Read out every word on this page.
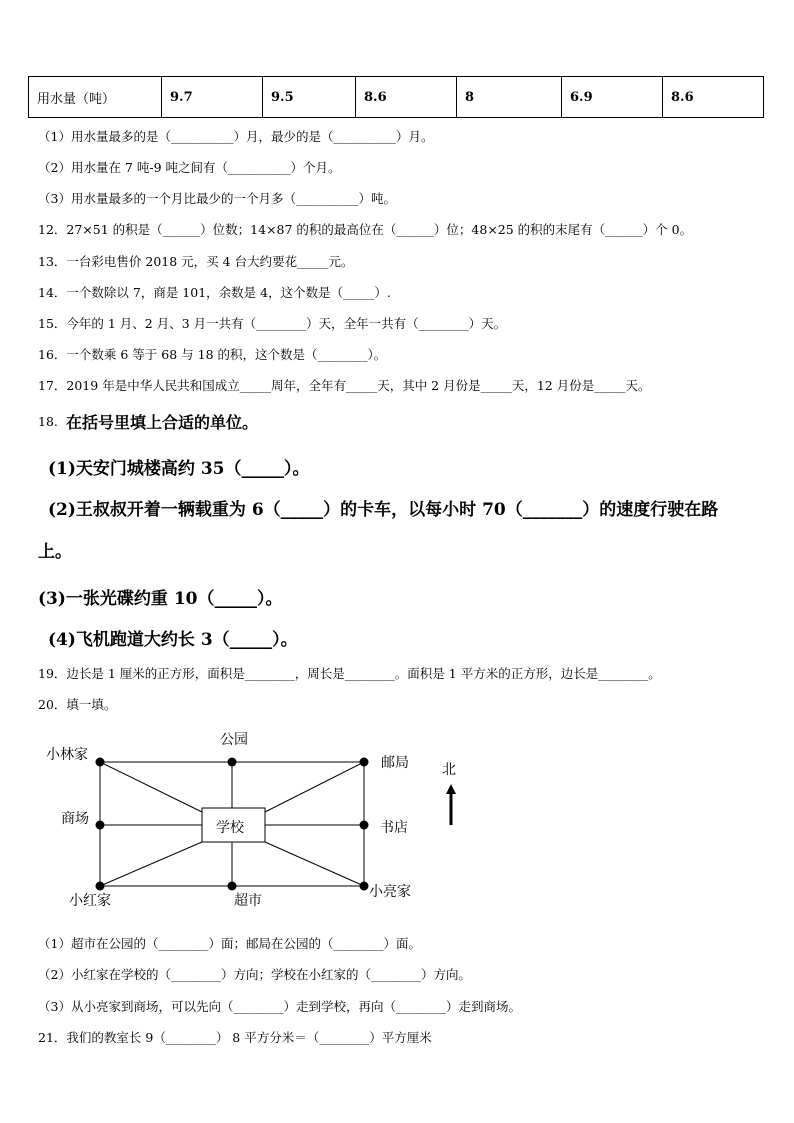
用水量（吨）	9.7	9.5	8.6	8	6.9	8.6
（1）用水量最多的是（__________）月，最少的是（__________）月。
（2）用水量在 7 吨-9 吨之间有（__________）个月。
（3）用水量最多的一个月比最少的一个月多（__________）吨。
12．27×51 的积是（______）位数；14×87 的积的最高位在（______）位；48×25 的积的末尾有（______）个 0。
13．一台彩电售价 2018 元，买 4 台大约要花_____元。
14．一个数除以 7，商是 101，余数是 4，这个数是（_____）.
15．今年的 1 月、2 月、3 月一共有（________）天，全年一共有（________）天。
16．一个数乘 6 等于 68 与 18 的积，这个数是（________）。
17．2019 年是中华人民共和国成立_____周年，全年有_____天，其中 2 月份是_____天，12 月份是_____天。
18. 在括号里填上合适的单位。
(1)天安门城楼高约 35（_____）。
(2)王叔叔开着一辆载重为 6（_____）的卡车，以每小时 70（_______）的速度行驶在路
上。
(3)一张光碟约重 10（_____）。
(4)飞机跑道大约长 3（_____）。
19．边长是 1 厘米的正方形，面积是________，周长是________。面积是 1 平方米的正方形，边长是________。
20．填一填。
公园
小林家	邮局
商场
学校	书店
小红家	超市
小亮家
北
（1）超市在公园的（________）面；邮局在公园的（________）面。
（2）小红家在学校的（________）方向；学校在小红家的（________）方向。
（3）从小亮家到商场，可以先向（________）走到学校，再向（________）走到商场。
21．我们的教室长 9（________） 8 平方分米＝（________）平方厘米
